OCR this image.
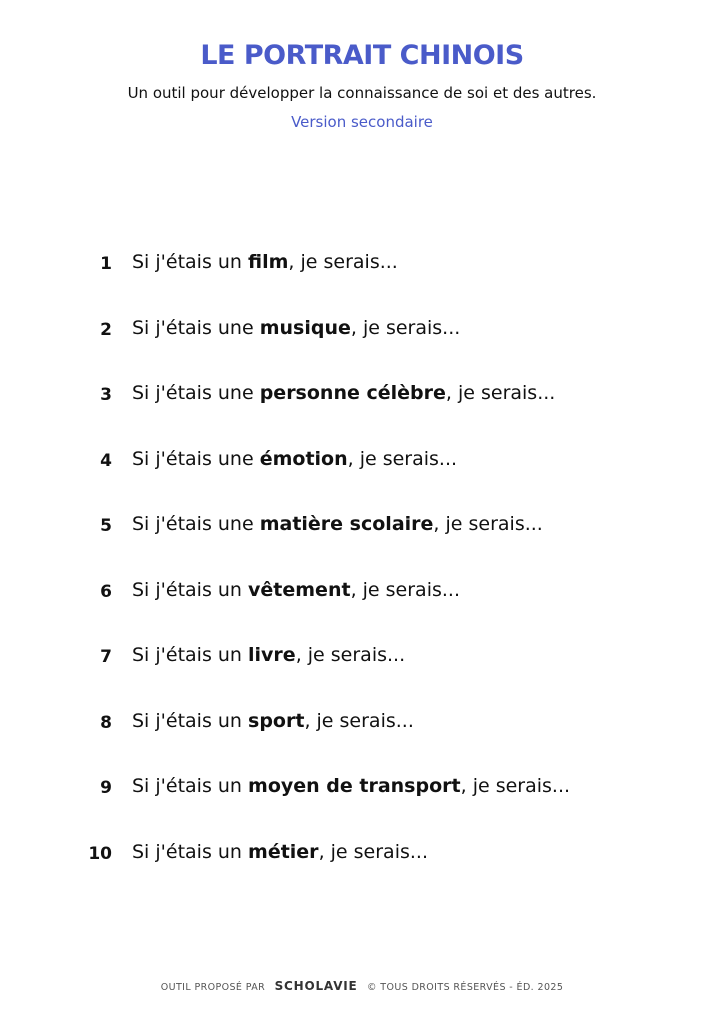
LE PORTRAIT CHINOIS
Un outil pour développer la connaissance de soi et des autres.
Version secondaire
1 Si j'étais un film, je serais...
2 Si j'étais une musique, je serais...
3 Si j'étais une personne célèbre, je serais...
4 Si j'étais une émotion, je serais...
5 Si j'étais une matière scolaire, je serais...
6 Si j'étais un vêtement, je serais...
7 Si j'étais un livre, je serais...
8 Si j'étais un sport, je serais...
9 Si j'étais un moyen de transport, je serais...
10 Si j'étais un métier, je serais...
OUTIL PROPOSÉ PAR SCHOLAVIE © TOUS DROITS RÉSERVÉS - ÉD. 2025
